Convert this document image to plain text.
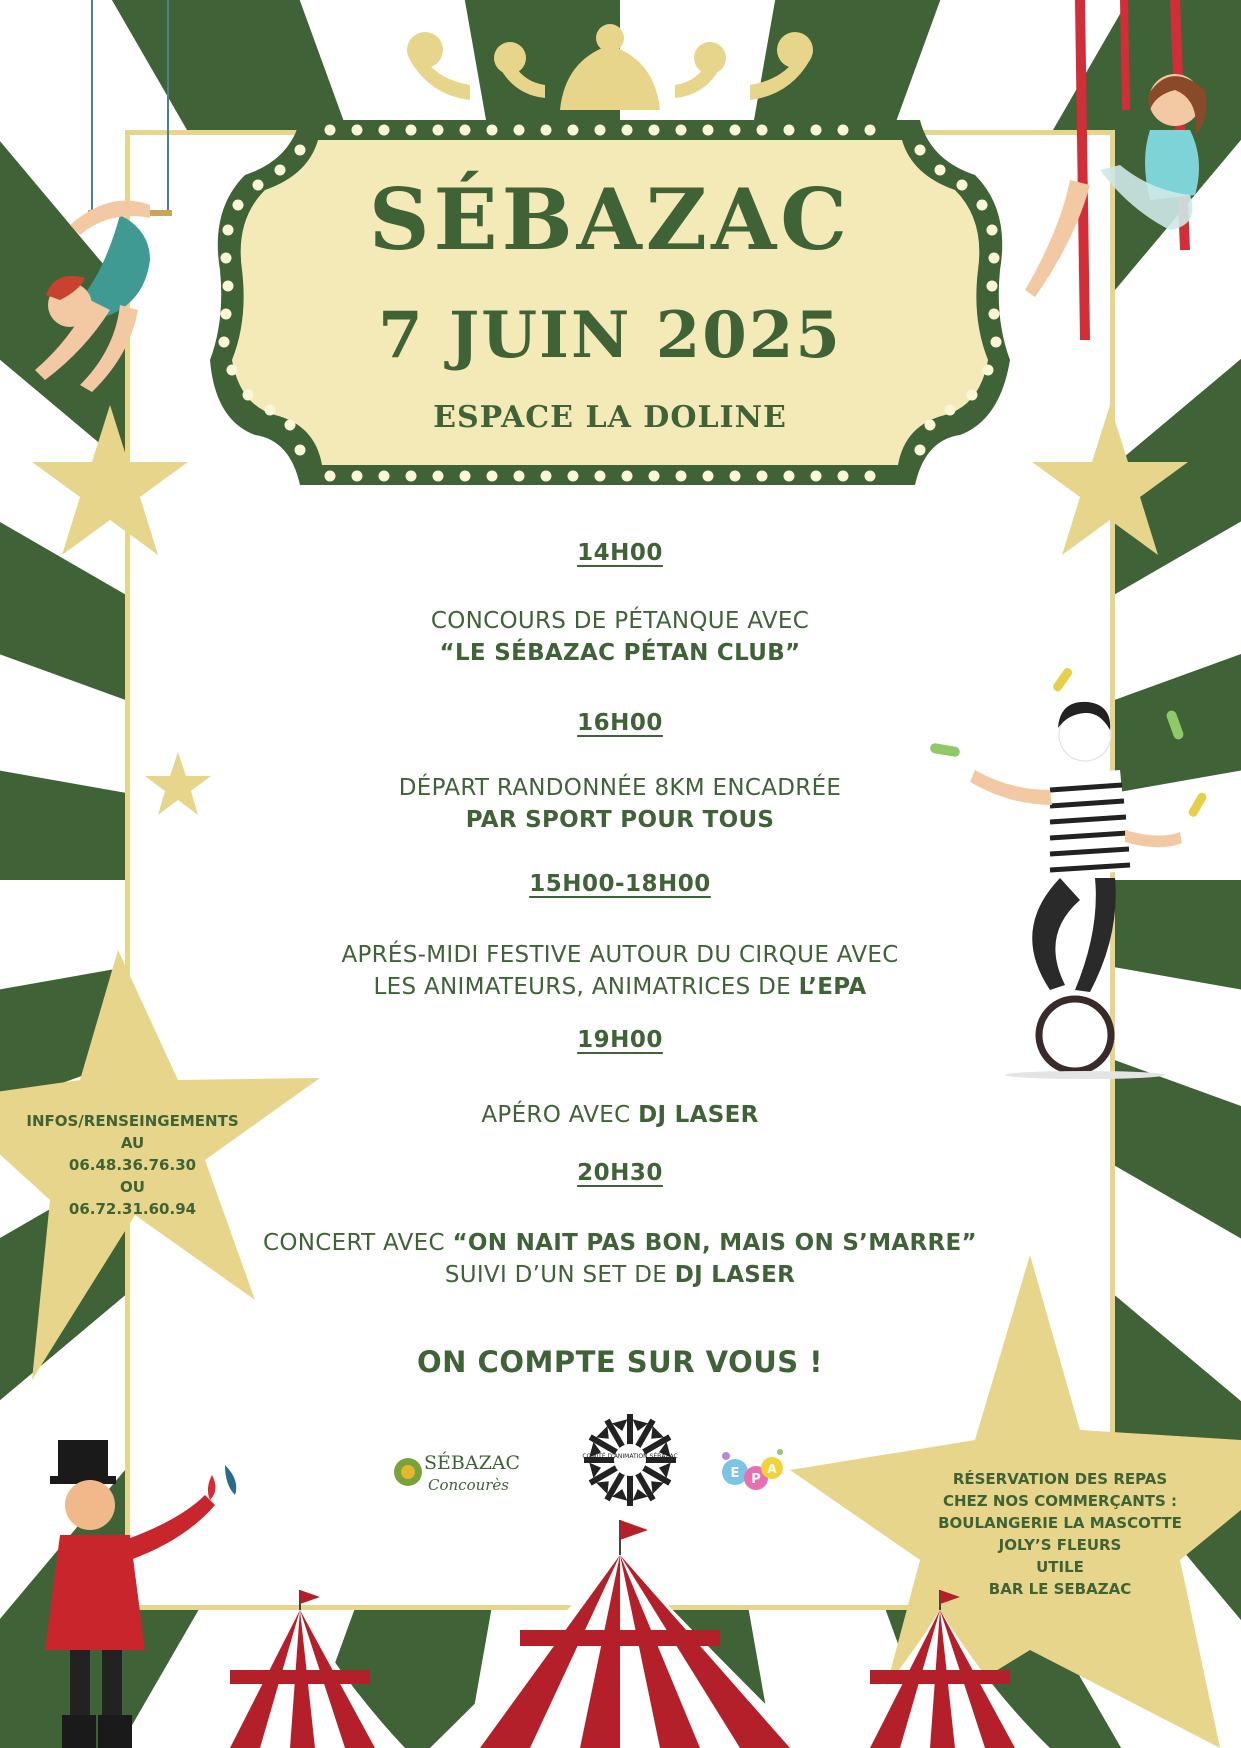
SÉBAZAC
7 JUIN 2025
ESPACE LA DOLINE
14H00
CONCOURS DE PÉTANQUE AVEC
“LE SÉBAZAC PÉTAN CLUB”
16H00
DÉPART RANDONNÉE 8KM ENCADRÉE
PAR SPORT POUR TOUS
15H00-18H00
APRÉS-MIDI FESTIVE AUTOUR DU CIRQUE AVEC
LES ANIMATEURS, ANIMATRICES DE L’EPA
19H00
APÉRO AVEC DJ LASER
20H30
CONCERT AVEC “ON NAIT PAS BON, MAIS ON S’MARRE”
SUIVI D’UN SET DE DJ LASER
ON COMPTE SUR VOUS !
SÉBAZAC
Concourès
COMITÉ D'ANIMATION SÉBAZAC
E P
A
INFOS/RENSEINGEMENTS
AU
06.48.36.76.30
OU
06.72.31.60.94
RÉSERVATION DES REPAS
CHEZ NOS COMMERÇANTS :
BOULANGERIE LA MASCOTTE
JOLY’S FLEURS
UTILE
BAR LE SEBAZAC
